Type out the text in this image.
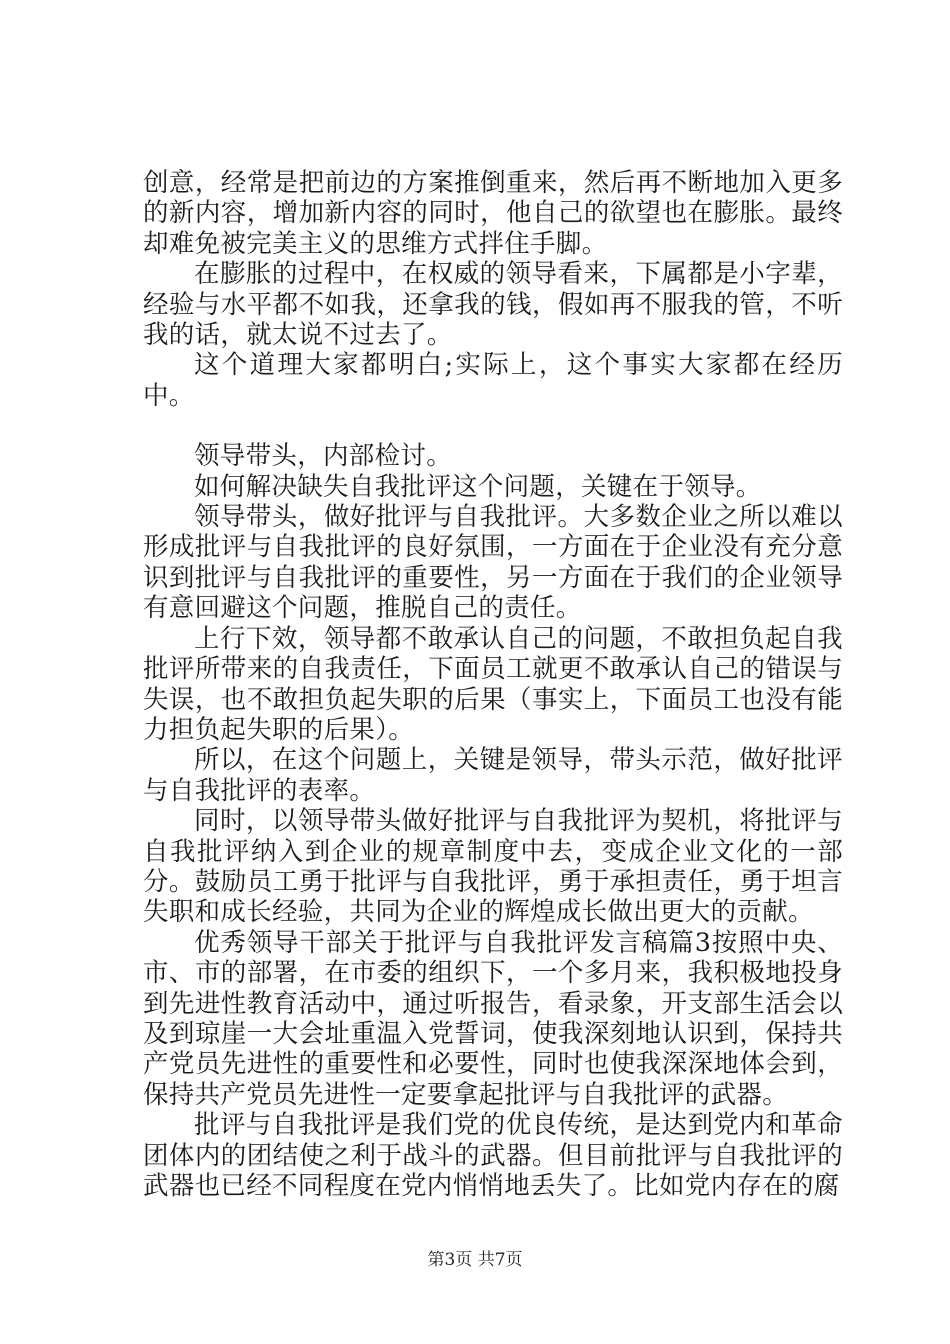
创意，经常是把前边的方案推倒重来，然后再不断地加入更多的新内容，增加新内容的同时，他自己的欲望也在膨胀。最终却难免被完美主义的思维方式拌住手脚。

在膨胀的过程中，在权威的领导看来，下属都是小字辈，经验与水平都不如我，还拿我的钱，假如再不服我的管，不听我的话，就太说不过去了。

这个道理大家都明白;实际上，这个事实大家都在经历中。

领导带头，内部检讨。

如何解决缺失自我批评这个问题，关键在于领导。

领导带头，做好批评与自我批评。大多数企业之所以难以形成批评与自我批评的良好氛围，一方面在于企业没有充分意识到批评与自我批评的重要性，另一方面在于我们的企业领导有意回避这个问题，推脱自己的责任。

上行下效，领导都不敢承认自己的问题，不敢担负起自我批评所带来的自我责任，下面员工就更不敢承认自己的错误与失误，也不敢担负起失职的后果（事实上，下面员工也没有能力担负起失职的后果）。

所以，在这个问题上，关键是领导，带头示范，做好批评与自我批评的表率。

同时，以领导带头做好批评与自我批评为契机，将批评与自我批评纳入到企业的规章制度中去，变成企业文化的一部分。鼓励员工勇于批评与自我批评，勇于承担责任，勇于坦言失职和成长经验，共同为企业的辉煌成长做出更大的贡献。

优秀领导干部关于批评与自我批评发言稿篇3按照中央、市、市的部署，在市委的组织下，一个多月来，我积极地投身到先进性教育活动中，通过听报告，看录象，开支部生活会以及到琼崖一大会址重温入党誓词，使我深刻地认识到，保持共产党员先进性的重要性和必要性，同时也使我深深地体会到，保持共产党员先进性一定要拿起批评与自我批评的武器。

批评与自我批评是我们党的优良传统，是达到党内和革命团体内的团结使之利于战斗的武器。但目前批评与自我批评的武器也已经不同程度在党内悄悄地丢失了。比如党内存在的腐

第3页 共7页
